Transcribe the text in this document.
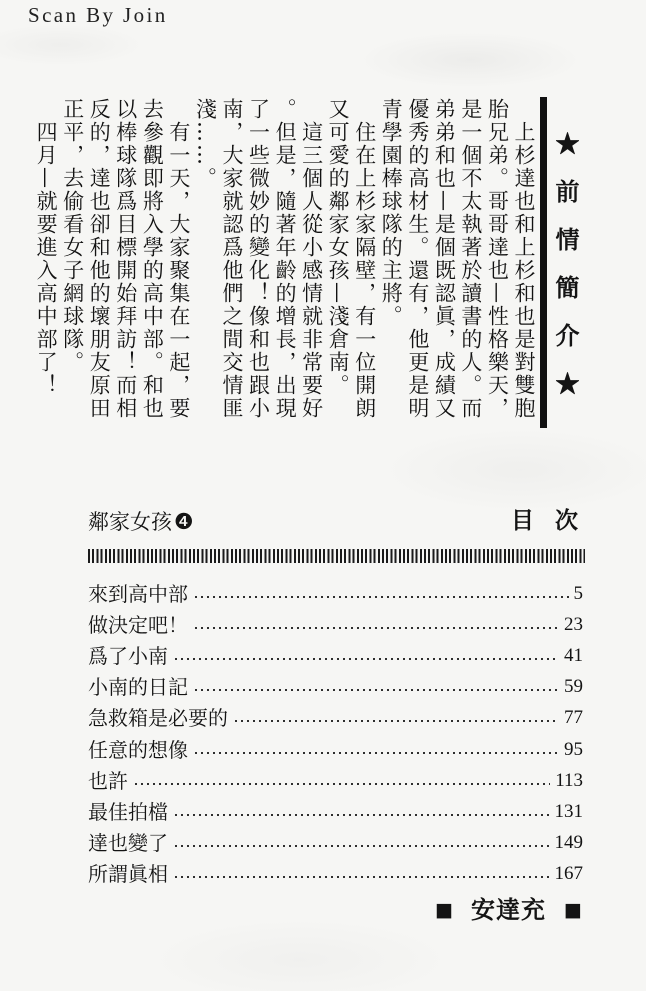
Scan By Join
★前情簡介★
上杉達也和上杉和也是對雙胞
胎兄弟。哥哥達也—性格樂天，
是一個不太執著於讀書的人。而
弟弟和也—是個既認眞，成績又
優秀的高材生。還有，他更是明
青學園棒球隊的主將。
住在上杉家隔壁，有一位開朗
又可愛的鄰家女孩—淺倉南。
這三個人從小感情就非常要好
。但是，隨著年齡的增長，出現
了一些微妙的變化！像和也跟小
南，大家就認爲他們之間交情匪
淺……。
有一天，大家聚集在一起，要
去參觀即將入學的高中部。和也
以棒球隊爲目標開始拜訪！而相
反的，達也卻和他的壞朋友原田
正平，去偷看女子網球隊。
四月—就要進入高中部了！
鄰家女孩❹	目次
來到高中部	5
做決定吧！	23
爲了小南	41
小南的日記	59
急救箱是必要的	77
任意的想像	95
也許	113
最佳拍檔	131
達也變了	149
所謂眞相	167
■ 安達充 ■
